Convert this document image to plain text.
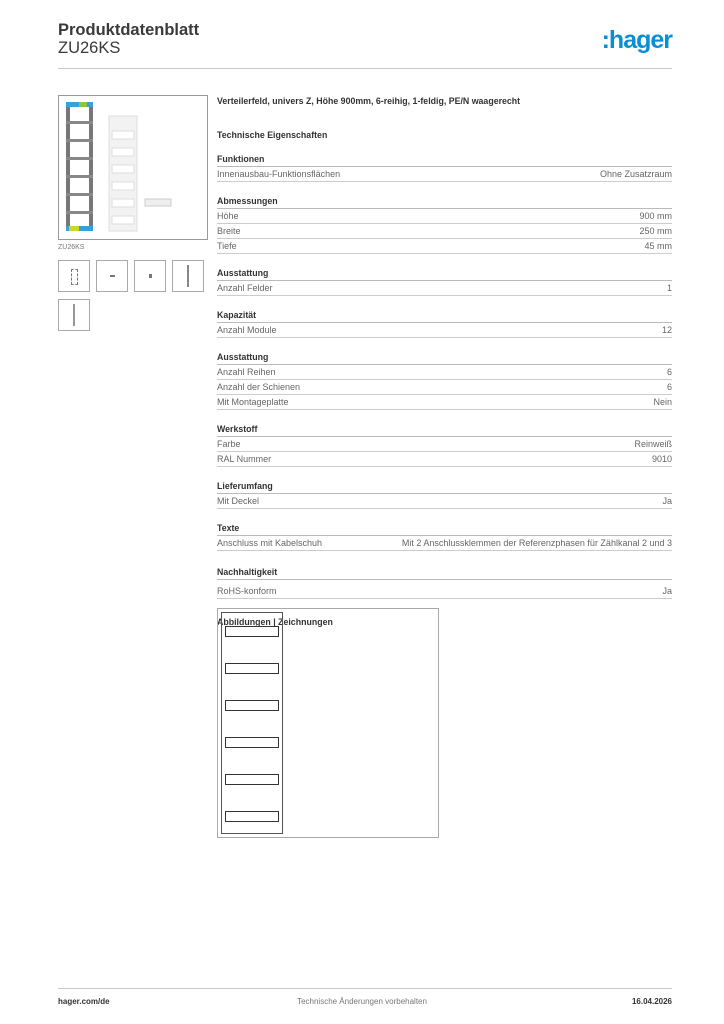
Produktdatenblatt
ZU26KS	:hager
ZU26KS
Verteilerfeld, univers Z, Höhe 900mm, 6-reihig, 1-feldig, PE/N waagerecht
Technische Eigenschaften
Funktionen
Innenausbau-Funktionsflächen	Ohne Zusatzraum
Abmessungen
Höhe	900 mm
Breite	250 mm
Tiefe	45 mm
Ausstattung
Anzahl Felder	1
Kapazität
Anzahl Module	12
Ausstattung
Anzahl Reihen	6
Anzahl der Schienen	6
Mit Montageplatte	Nein
Werkstoff
Farbe	Reinweiß
RAL Nummer	9010
Lieferumfang
Mit Deckel	Ja
Texte
Anschluss mit Kabelschuh	Mit 2 Anschlussklemmen der Referenzphasen für Zählkanal 2 und 3
Nachhaltigkeit
RoHS-konform	Ja
Abbildungen | Zeichnungen
hager.com/de	Technische Änderungen vorbehalten	16.04.2026
